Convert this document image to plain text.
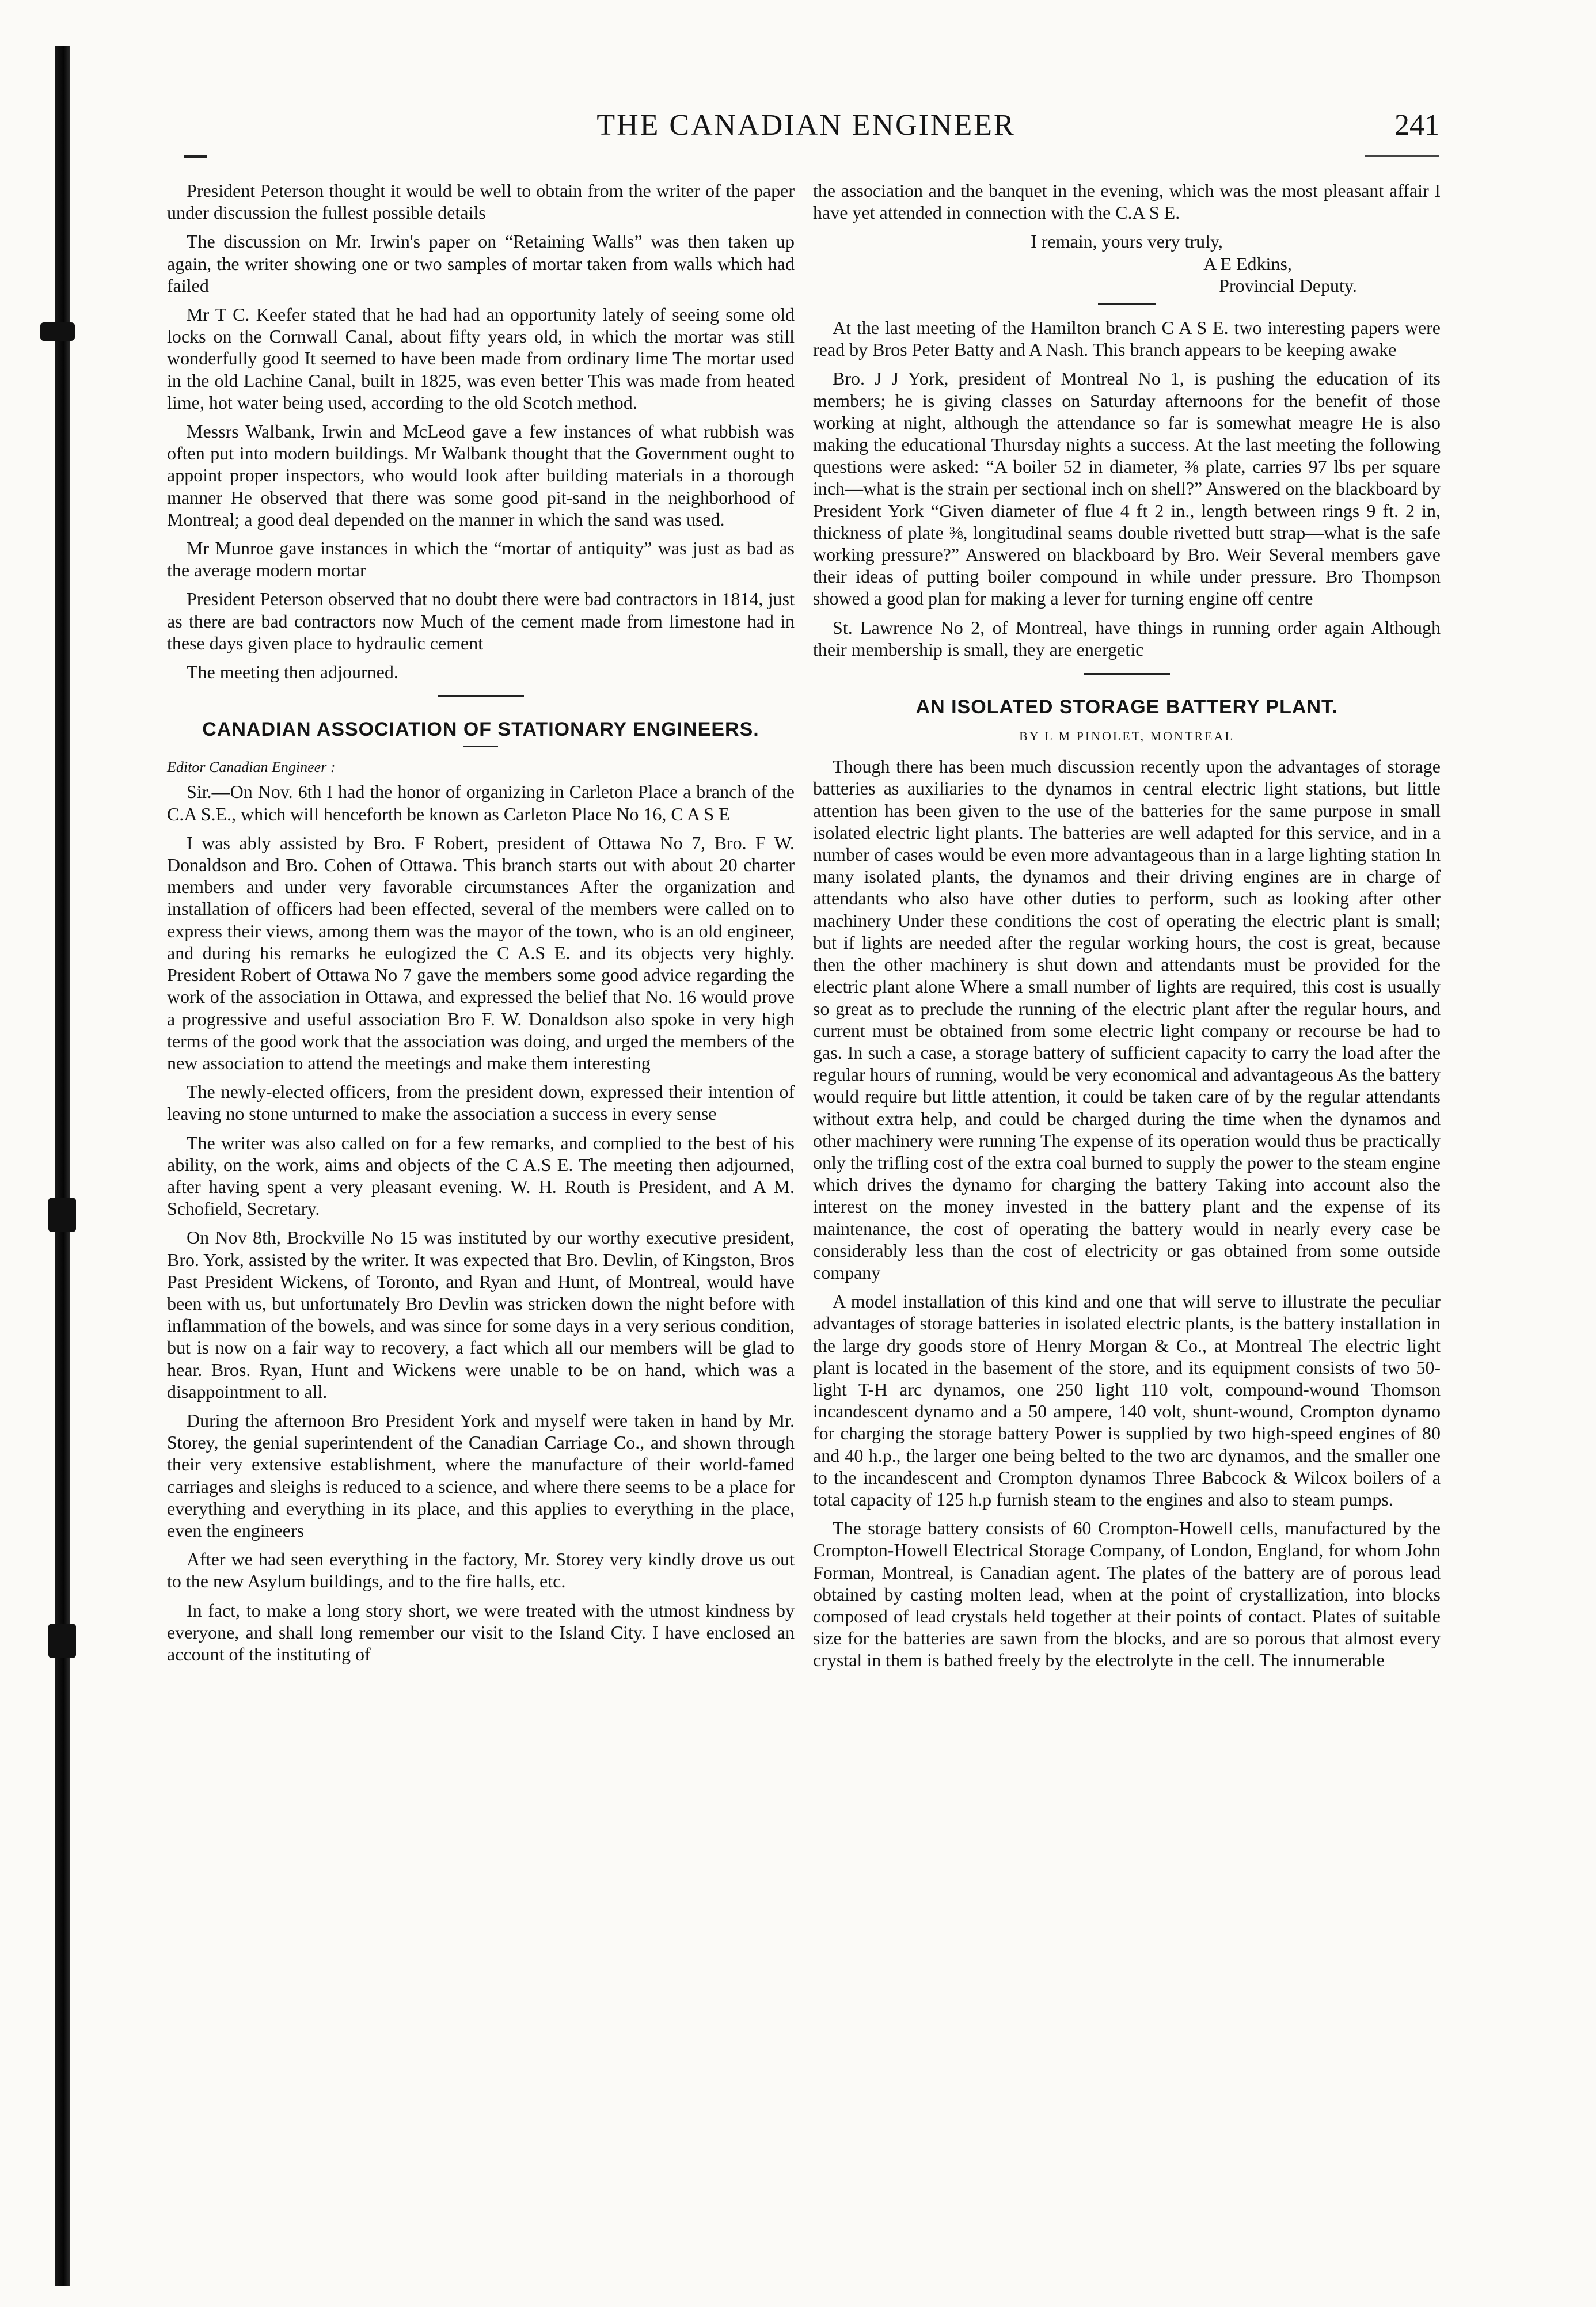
THE CANADIAN ENGINEER	241

President Peterson thought it would be well to obtain from the writer of the paper under discussion the fullest possible details

The discussion on Mr. Irwin's paper on “Retaining Walls” was then taken up again, the writer showing one or two samples of mortar taken from walls which had failed

Mr T C. Keefer stated that he had had an opportunity lately of seeing some old locks on the Cornwall Canal, about fifty years old, in which the mortar was still wonderfully good It seemed to have been made from ordinary lime The mortar used in the old Lachine Canal, built in 1825, was even better This was made from heated lime, hot water being used, according to the old Scotch method.

Messrs Walbank, Irwin and McLeod gave a few instances of what rubbish was often put into modern buildings. Mr Walbank thought that the Government ought to appoint proper inspectors, who would look after building materials in a thorough manner He observed that there was some good pit-sand in the neighborhood of Montreal; a good deal depended on the manner in which the sand was used.

Mr Munroe gave instances in which the “mortar of antiquity” was just as bad as the average modern mortar

President Peterson observed that no doubt there were bad contractors in 1814, just as there are bad contractors now Much of the cement made from limestone had in these days given place to hydraulic cement

The meeting then adjourned.

CANADIAN ASSOCIATION OF STATIONARY ENGINEERS.

Editor Canadian Engineer :

Sir.—On Nov. 6th I had the honor of organizing in Carleton Place a branch of the C.A S.E., which will henceforth be known as Carleton Place No 16, C A S E

I was ably assisted by Bro. F Robert, president of Ottawa No 7, Bro. F W. Donaldson and Bro. Cohen of Ottawa. This branch starts out with about 20 charter members and under very favorable circumstances After the organization and installation of officers had been effected, several of the members were called on to express their views, among them was the mayor of the town, who is an old engineer, and during his remarks he eulogized the C A.S E. and its objects very highly. President Robert of Ottawa No 7 gave the members some good advice regarding the work of the association in Ottawa, and expressed the belief that No. 16 would prove a progressive and useful association Bro F. W. Donaldson also spoke in very high terms of the good work that the association was doing, and urged the members of the new association to attend the meetings and make them interesting

The newly-elected officers, from the president down, expressed their intention of leaving no stone unturned to make the association a success in every sense

The writer was also called on for a few remarks, and complied to the best of his ability, on the work, aims and objects of the C A.S E. The meeting then adjourned, after having spent a very pleasant evening. W. H. Routh is President, and A M. Schofield, Secretary.

On Nov 8th, Brockville No 15 was instituted by our worthy executive president, Bro. York, assisted by the writer. It was expected that Bro. Devlin, of Kingston, Bros Past President Wickens, of Toronto, and Ryan and Hunt, of Montreal, would have been with us, but unfortunately Bro Devlin was stricken down the night before with inflammation of the bowels, and was since for some days in a very serious condition, but is now on a fair way to recovery, a fact which all our members will be glad to hear. Bros. Ryan, Hunt and Wickens were unable to be on hand, which was a disappointment to all.

During the afternoon Bro President York and myself were taken in hand by Mr. Storey, the genial superintendent of the Canadian Carriage Co., and shown through their very extensive establishment, where the manufacture of their world-famed carriages and sleighs is reduced to a science, and where there seems to be a place for everything and everything in its place, and this applies to everything in the place, even the engineers

After we had seen everything in the factory, Mr. Storey very kindly drove us out to the new Asylum buildings, and to the fire halls, etc.

In fact, to make a long story short, we were treated with the utmost kindness by everyone, and shall long remember our visit to the Island City. I have enclosed an account of the instituting of

the association and the banquet in the evening, which was the most pleasant affair I have yet attended in connection with the C.A S E.

I remain, yours very truly,

A E Edkins,

Provincial Deputy.

At the last meeting of the Hamilton branch C A S E. two interesting papers were read by Bros Peter Batty and A Nash. This branch appears to be keeping awake

Bro. J J York, president of Montreal No 1, is pushing the education of its members; he is giving classes on Saturday afternoons for the benefit of those working at night, although the attendance so far is somewhat meagre He is also making the educational Thursday nights a success. At the last meeting the following questions were asked: “A boiler 52 in diameter, ⅜ plate, carries 97 lbs per square inch—what is the strain per sectional inch on shell?” Answered on the blackboard by President York “Given diameter of flue 4 ft 2 in., length between rings 9 ft. 2 in, thickness of plate ⅜, longitudinal seams double rivetted butt strap—what is the safe working pressure?” Answered on blackboard by Bro. Weir Several members gave their ideas of putting boiler compound in while under pressure. Bro Thompson showed a good plan for making a lever for turning engine off centre

St. Lawrence No 2, of Montreal, have things in running order again Although their membership is small, they are energetic

AN ISOLATED STORAGE BATTERY PLANT.

BY L M PINOLET, MONTREAL

Though there has been much discussion recently upon the advantages of storage batteries as auxiliaries to the dynamos in central electric light stations, but little attention has been given to the use of the batteries for the same purpose in small isolated electric light plants. The batteries are well adapted for this service, and in a number of cases would be even more advantageous than in a large lighting station In many isolated plants, the dynamos and their driving engines are in charge of attendants who also have other duties to perform, such as looking after other machinery Under these conditions the cost of operating the electric plant is small; but if lights are needed after the regular working hours, the cost is great, because then the other machinery is shut down and attendants must be provided for the electric plant alone Where a small number of lights are required, this cost is usually so great as to preclude the running of the electric plant after the regular hours, and current must be obtained from some electric light company or recourse be had to gas. In such a case, a storage battery of sufficient capacity to carry the load after the regular hours of running, would be very economical and advantageous As the battery would require but little attention, it could be taken care of by the regular attendants without extra help, and could be charged during the time when the dynamos and other machinery were running The expense of its operation would thus be practically only the trifling cost of the extra coal burned to supply the power to the steam engine which drives the dynamo for charging the battery Taking into account also the interest on the money invested in the battery plant and the expense of its maintenance, the cost of operating the battery would in nearly every case be considerably less than the cost of electricity or gas obtained from some outside company

A model installation of this kind and one that will serve to illustrate the peculiar advantages of storage batteries in isolated electric plants, is the battery installation in the large dry goods store of Henry Morgan & Co., at Montreal The electric light plant is located in the basement of the store, and its equipment consists of two 50-light T-H arc dynamos, one 250 light 110 volt, compound-wound Thomson incandescent dynamo and a 50 ampere, 140 volt, shunt-wound, Crompton dynamo for charging the storage battery Power is supplied by two high-speed engines of 80 and 40 h.p., the larger one being belted to the two arc dynamos, and the smaller one to the incandescent and Crompton dynamos Three Babcock & Wilcox boilers of a total capacity of 125 h.p furnish steam to the engines and also to steam pumps.

The storage battery consists of 60 Crompton-Howell cells, manufactured by the Crompton-Howell Electrical Storage Company, of London, England, for whom John Forman, Montreal, is Canadian agent. The plates of the battery are of porous lead obtained by casting molten lead, when at the point of crystallization, into blocks composed of lead crystals held together at their points of contact. Plates of suitable size for the batteries are sawn from the blocks, and are so porous that almost every crystal in them is bathed freely by the electrolyte in the cell. The innumerable
